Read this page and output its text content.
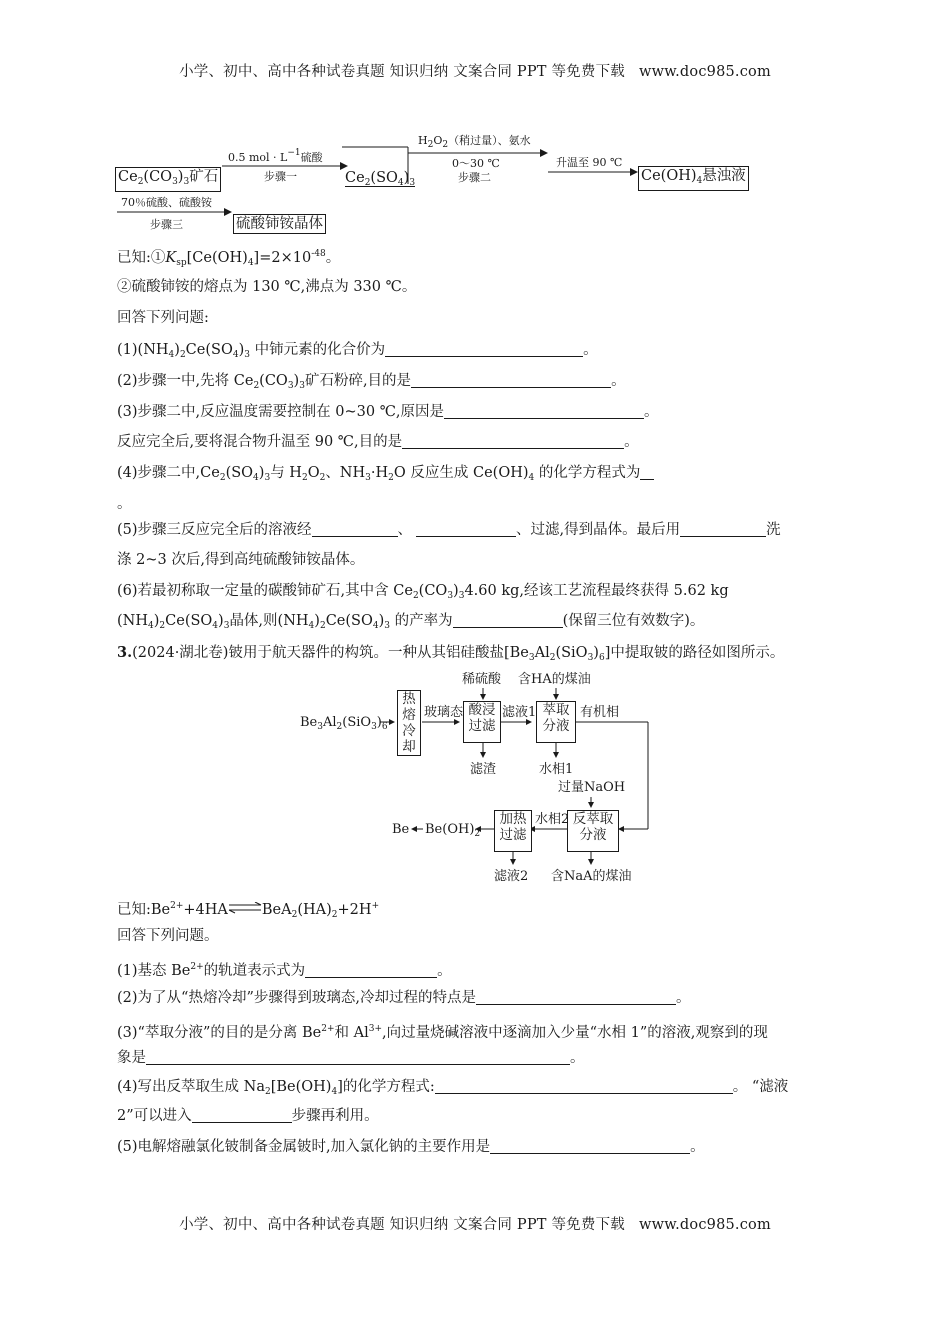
小学、初中、高中各种试卷真题 知识归纳 文案合同 PPT 等免费下载 www.doc985.com
0.5 mol · $L^{-1}$硫酸
步骤一
$Ce_2(CO_3)_3$矿石	$Ce_2(SO_4)_3$
$H_2O_2$（稍过量）、氨水
0～30 ℃
步骤二
升温至 90 ℃
$Ce(OH)_4$悬浊液
70％硫酸、硫酸铵
步骤三	硫酸铈铵晶体
已知$:①K_{sp}[Ce(OH)_4]=2\times 10^{-48}$。
②硫酸铈铵的熔点为 130 ℃,沸点为 330 ℃。
回答下列问题:
$(1)(NH_4)_2Ce(SO_4)_3$ 中铈元素的化合价为	。
(2)步骤一中,先将 $Ce_2(CO_3)_3$矿石粉碎,目的是	。
(3)步骤二中,反应温度需要控制在 0~30 ℃,原因是	。
反应完全后,要将混合物升温至 90 ℃,目的是	。
(4)步骤二中$,Ce_2(SO_4)_3$与 $H_2O_2$、$NH_3\cdot H_2O$ 反应生成 $Ce(OH)_4$ 的化学方程式为
。
(5)步骤三反应完全后的溶液经	、	、过滤,得到晶体。最后用	洗
涤 2~3 次后,得到高纯硫酸铈铵晶体。
(6)若最初称取一定量的碳酸铈矿石,其中含 $Ce_2(CO_3)_34.60$ kg,经该工艺流程最终获得 5.62 kg
$(NH_4)_2Ce(SO_4)_3$晶体,则$(NH_4)_2Ce(SO_4)_3$ 的产率为	(保留三位有效数字)。
3.(2024·湖北卷)铍用于航天器件的构筑。一种从其铝硅酸盐$[Be_3Al_2(SiO_3)_6]$中提取铍的路径如图所示。
$Be_3Al_2(SiO_3)_6$
热
熔
冷
却
玻璃态
稀硫酸
酸浸
过滤
滤渣
滤液1
含HA的煤油
萃取
分液
有机相
水相1
过量NaOH
反萃取
分液
含NaA的煤油
水相2
加热
过滤
滤液2
$Be(OH)_2$
Be
已知$:Be^{2+}+4HA\rightleftharpoons BeA_2(HA)_2+2H^+$
回答下列问题。
(1)基态 $Be^{2+}$的轨道表示式为	。
(2)为了从“热熔冷却”步骤得到玻璃态,冷却过程的特点是	。
(3)“萃取分液”的目的是分离 $Be^{2+}$和 $Al^{3+}$,向过量烧碱溶液中逐滴加入少量“水相 1”的溶液,观察到的现
象是	。
(4)写出反萃取生成 $Na_2[Be(OH)_4]$的化学方程式:	。 “滤液
2”可以进入	步骤再利用。
(5)电解熔融氯化铍制备金属铍时,加入氯化钠的主要作用是	。
小学、初中、高中各种试卷真题 知识归纳 文案合同 PPT 等免费下载 www.doc985.com
